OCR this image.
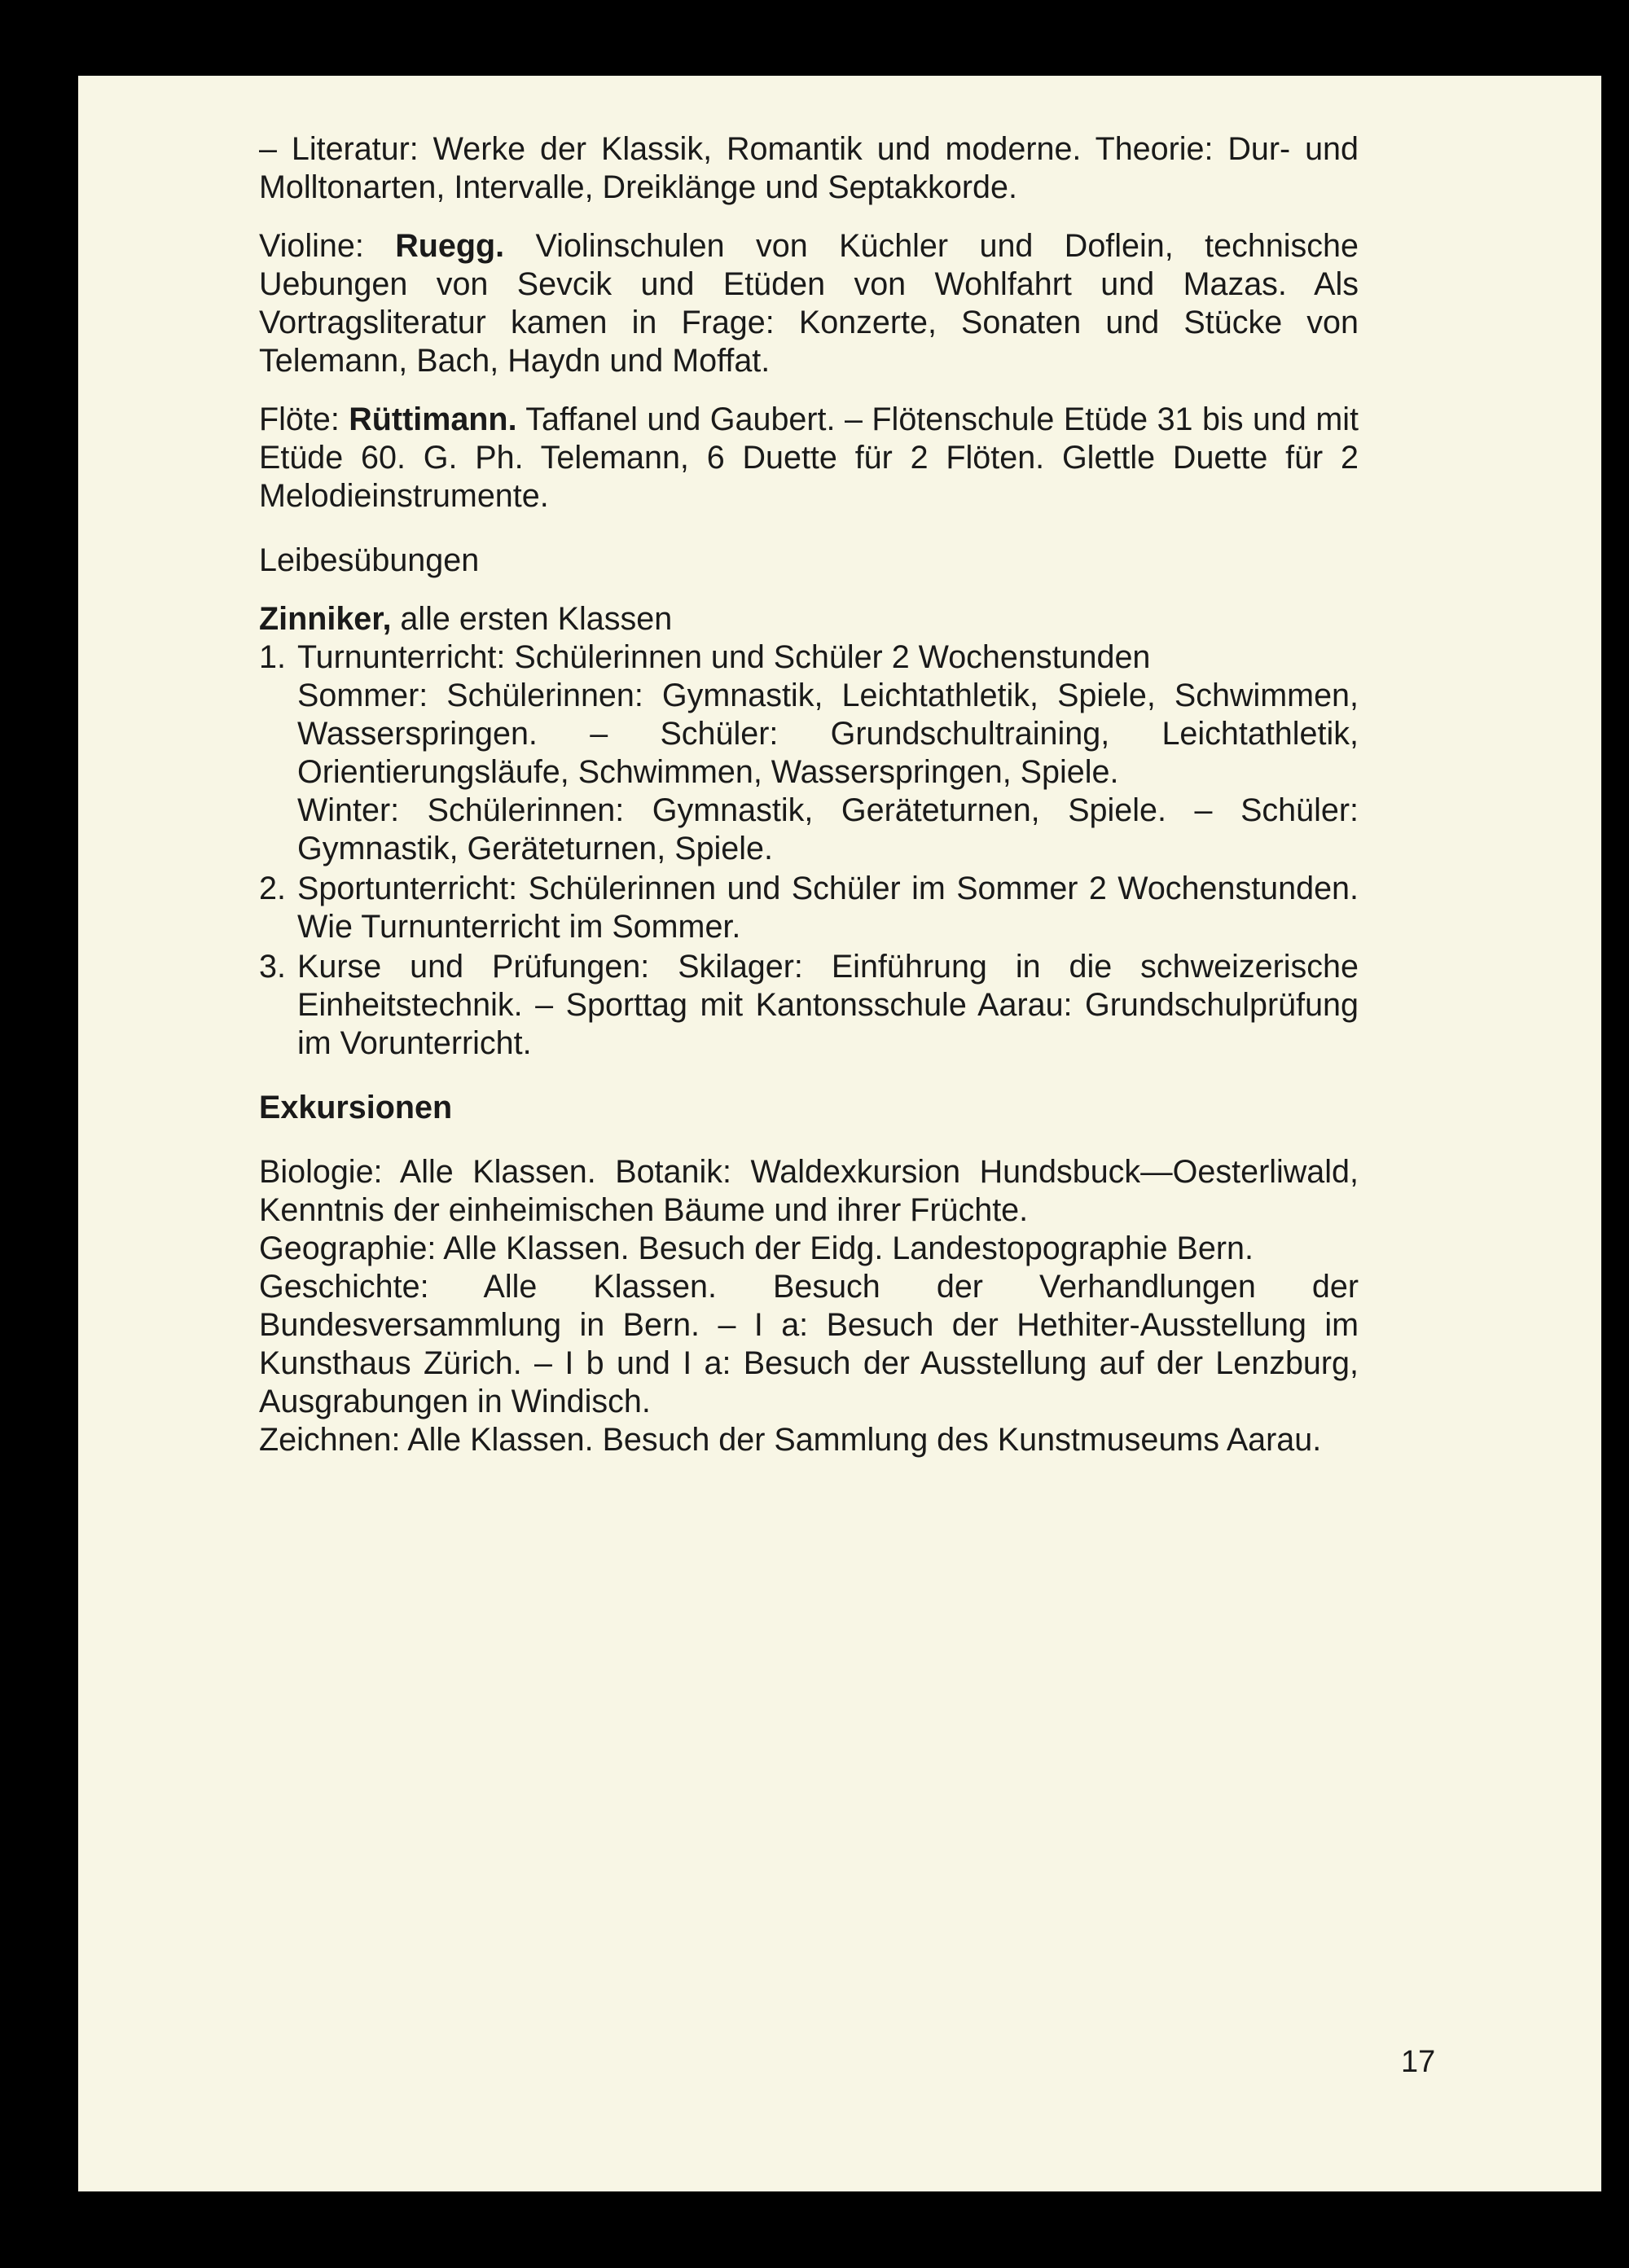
– Literatur: Werke der Klassik, Romantik und moderne. Theorie: Dur- und Molltonarten, Intervalle, Dreiklänge und Septakkorde.

Violine: Ruegg. Violinschulen von Küchler und Doflein, technische Uebungen von Sevcik und Etüden von Wohlfahrt und Mazas. Als Vortragsliteratur kamen in Frage: Konzerte, Sonaten und Stücke von Telemann, Bach, Haydn und Moffat.

Flöte: Rüttimann. Taffanel und Gaubert. – Flötenschule Etüde 31 bis und mit Etüde 60. G. Ph. Telemann, 6 Duette für 2 Flöten. Glettle Duette für 2 Melodieinstrumente.

Leibesübungen

Zinniker, alle ersten Klassen

1. Turnunterricht: Schülerinnen und Schüler 2 Wochenstunden
Sommer: Schülerinnen: Gymnastik, Leichtathletik, Spiele, Schwimmen, Wasserspringen. – Schüler: Grundschultraining, Leichtathletik, Orientierungsläufe, Schwimmen, Wasserspringen, Spiele.
Winter: Schülerinnen: Gymnastik, Geräteturnen, Spiele. – Schüler: Gymnastik, Geräteturnen, Spiele.
2. Sportunterricht: Schülerinnen und Schüler im Sommer 2 Wochenstunden. Wie Turnunterricht im Sommer.
3. Kurse und Prüfungen: Skilager: Einführung in die schweizerische Einheitstechnik. – Sporttag mit Kantonsschule Aarau: Grundschulprüfung im Vorunterricht.

Exkursionen

Biologie: Alle Klassen. Botanik: Waldexkursion Hundsbuck—Oesterliwald, Kenntnis der einheimischen Bäume und ihrer Früchte.

Geographie: Alle Klassen. Besuch der Eidg. Landestopographie Bern.

Geschichte: Alle Klassen. Besuch der Verhandlungen der Bundesversammlung in Bern. – I a: Besuch der Hethiter-Ausstellung im Kunsthaus Zürich. – I b und I a: Besuch der Ausstellung auf der Lenzburg, Ausgrabungen in Windisch.

Zeichnen: Alle Klassen. Besuch der Sammlung des Kunstmuseums Aarau.

17
